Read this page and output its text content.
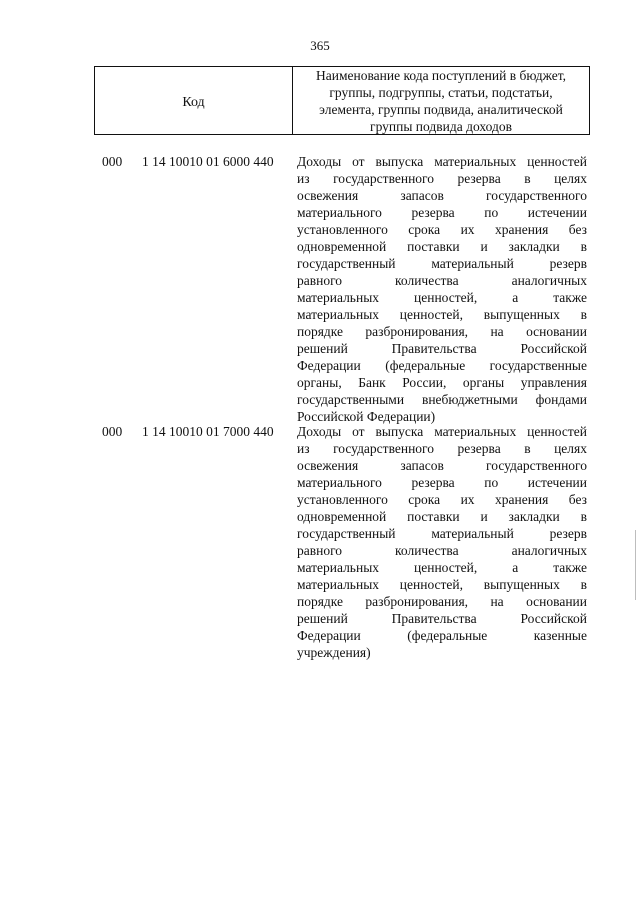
365
Код
Наименование кода поступлений в бюджет,
группы, подгруппы, статьи, подстатьи,
элемента, группы подвида, аналитической
группы подвида доходов
000 1 14 10010 01 6000 440 Доходы от выпуска материальных ценностей
из государственного резерва в целях
освежения запасов государственного
материального резерва по истечении
установленного срока их хранения без
одновременной поставки и закладки в
государственный материальный резерв
равного количества аналогичных
материальных ценностей, а также
материальных ценностей, выпущенных в
порядке разбронирования, на основании
решений Правительства Российской
Федерации (федеральные государственные
органы, Банк России, органы управления
государственными внебюджетными фондами
Российской Федерации)
000 1 14 10010 01 7000 440 Доходы от выпуска материальных ценностей
из государственного резерва в целях
освежения запасов государственного
материального резерва по истечении
установленного срока их хранения без
одновременной поставки и закладки в
государственный материальный резерв
равного количества аналогичных
материальных ценностей, а также
материальных ценностей, выпущенных в
порядке разбронирования, на основании
решений Правительства Российской
Федерации (федеральные казенные
учреждения)
